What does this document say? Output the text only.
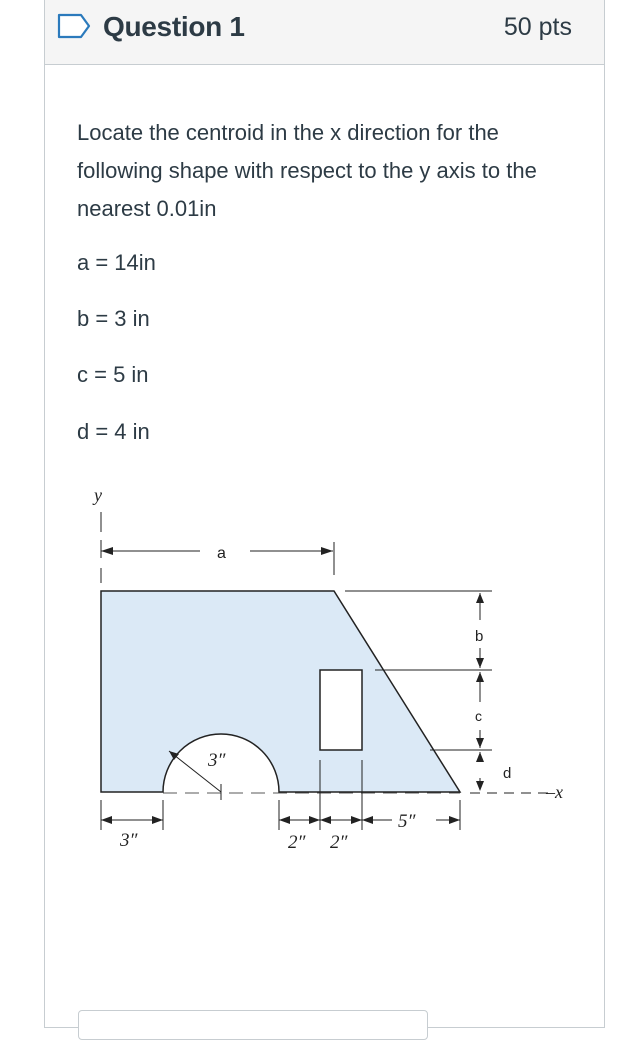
Question 1	50 pts

Locate the centroid in the x direction for the following shape with respect to the y axis to the nearest 0.01in

a = 14in

b = 3 in

c = 5 in

d = 4 in

y
–x
a
b
c
d
3″
3″	2″ 2″
5″
